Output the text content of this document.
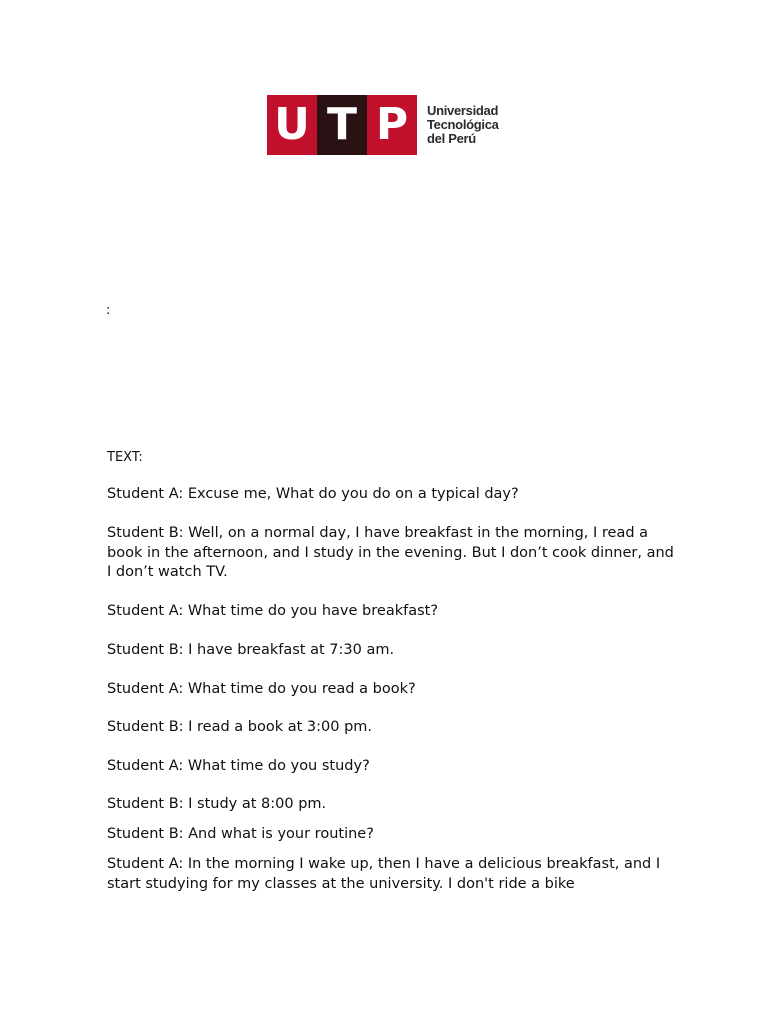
U T P	Universidad
Tecnológica
del Perú
:
TEXT:

Student A: Excuse me, What do you do on a typical day?

Student B: Well, on a normal day, I have breakfast in the morning, I read a book in the afternoon, and I study in the evening. But I don’t cook dinner, and I don’t watch TV.

Student A: What time do you have breakfast?

Student B: I have breakfast at 7:30 am.

Student A: What time do you read a book?

Student B: I read a book at 3:00 pm.

Student A: What time do you study?

Student B: I study at 8:00 pm.

Student B: And what is your routine?

Student A: In the morning I wake up, then I have a delicious breakfast, and I start studying for my classes at the university. I don't ride a bike
